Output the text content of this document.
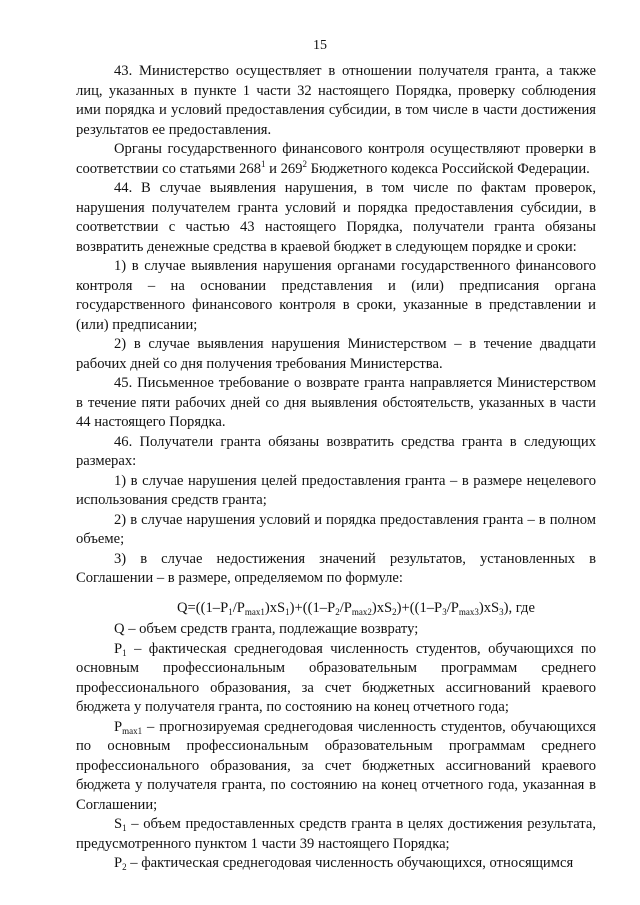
15

43. Министерство осуществляет в отношении получателя гранта, а также лиц, указанных в пункте 1 части 32 настоящего Порядка, проверку соблюдения ими порядка и условий предоставления субсидии, в том числе в части достижения результатов ее предоставления.

Органы государственного финансового контроля осуществляют проверки в соответствии со статьями $268^1$ и $269^2$ Бюджетного кодекса Российской Федерации.

44. В случае выявления нарушения, в том числе по фактам проверок, нарушения получателем гранта условий и порядка предоставления субсидии, в соответствии с частью 43 настоящего Порядка, получатели гранта обязаны возвратить денежные средства в краевой бюджет в следующем порядке и сроки:

1) в случае выявления нарушения органами государственного финансового контроля – на основании представления и (или) предписания органа государственного финансового контроля в сроки, указанные в представлении и (или) предписании;

2) в случае выявления нарушения Министерством – в течение двадцати рабочих дней со дня получения требования Министерства.

45. Письменное требование о возврате гранта направляется Министерством в течение пяти рабочих дней со дня выявления обстоятельств, указанных в части 44 настоящего Порядка.

46. Получатели гранта обязаны возвратить средства гранта в следующих размерах:

1) в случае нарушения целей предоставления гранта – в размере нецелевого использования средств гранта;

2) в случае нарушения условий и порядка предоставления гранта – в полном объеме;

3) в случае недостижения значений результатов, установленных в Соглашении – в размере, определяемом по формуле:

$Q=((1-P_1/P_{max1})xS_1)+((1-P_2/P_{max2})xS_2)+((1-P_3/P_{max3})xS_3)$, где

Q – объем средств гранта, подлежащие возврату;

$P_1$ – фактическая среднегодовая численность студентов, обучающихся по основным профессиональным образовательным программам среднего профессионального образования, за счет бюджетных ассигнований краевого бюджета у получателя гранта, по состоянию на конец отчетного года;

$P_{max1}$ – прогнозируемая среднегодовая численность студентов, обучающихся по основным профессиональным образовательным программам среднего профессионального образования, за счет бюджетных ассигнований краевого бюджета у получателя гранта, по состоянию на конец отчетного года, указанная в Соглашении;

$S_1$ – объем предоставленных средств гранта в целях достижения результата, предусмотренного пунктом 1 части 39 настоящего Порядка;

$P_2$ – фактическая среднегодовая численность обучающихся, относящимся
